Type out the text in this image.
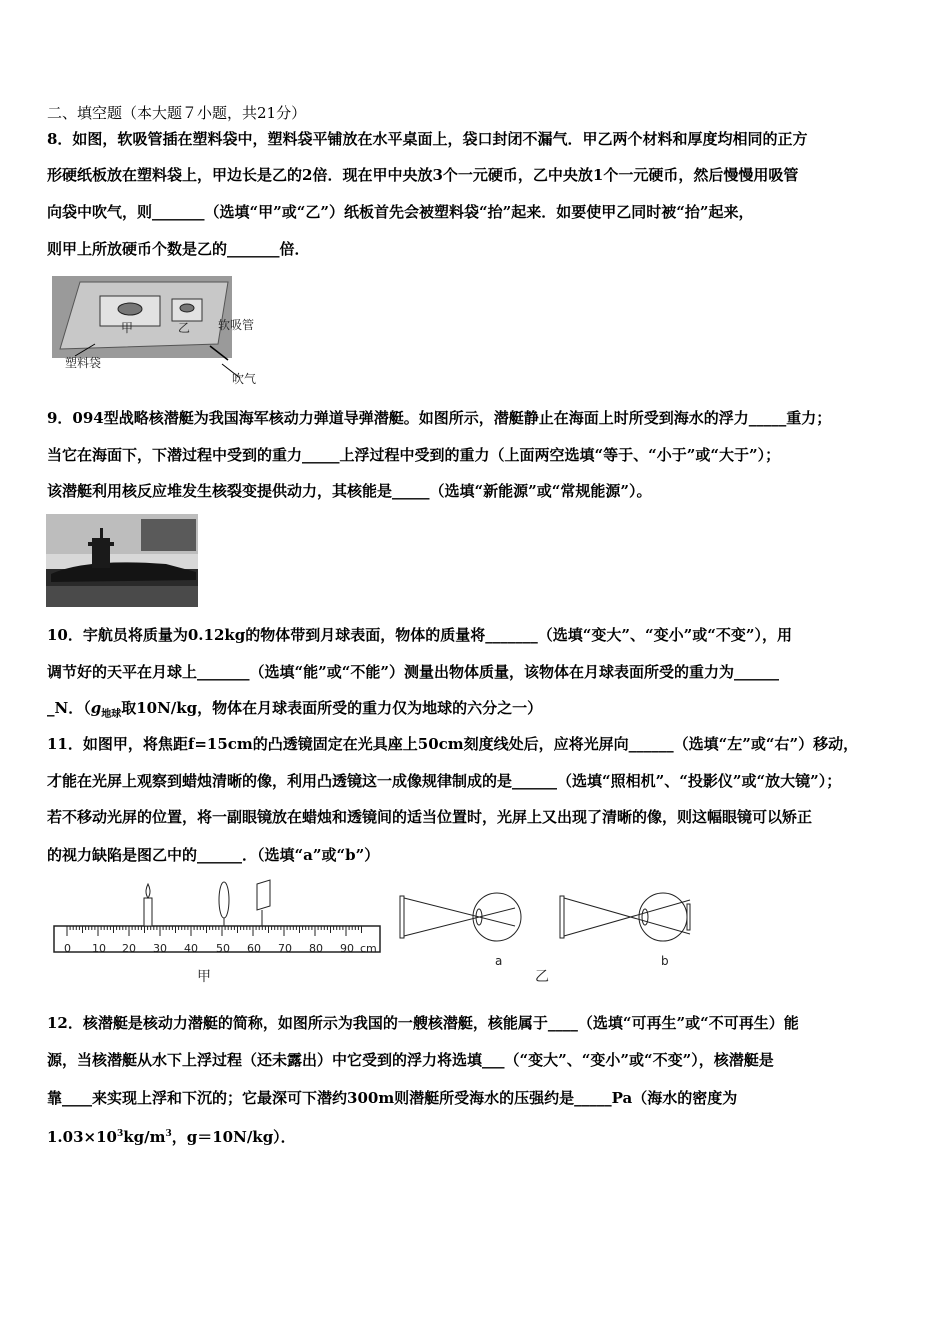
二、填空题（本大题７小题，共21分）
8．如图，软吸管插在塑料袋中，塑料袋平铺放在水平桌面上，袋口封闭不漏气．甲乙两个材料和厚度均相同的正方
形硬纸板放在塑料袋上，甲边长是乙的2倍．现在甲中央放3个一元硬币，乙中央放1个一元硬币，然后慢慢用吸管
向袋中吹气，则_______（选填“甲”或“乙”）纸板首先会被塑料袋“抬”起来．如要使甲乙同时被“抬”起来，
则甲上所放硬币个数是乙的_______倍．
甲	乙 软吸管
塑料袋
吹气
9．094型战略核潜艇为我国海军核动力弹道导弹潜艇。如图所示，潜艇静止在海面上时所受到海水的浮力_____重力；
当它在海面下，下潜过程中受到的重力_____上浮过程中受到的重力（上面两空选填“等于、“小于”或“大于”）；
该潜艇利用核反应堆发生核裂变提供动力，其核能是_____（选填“新能源”或“常规能源”）。
10．宇航员将质量为0.12kg的物体带到月球表面，物体的质量将_______（选填“变大”、“变小”或“不变”），用
调节好的天平在月球上_______（选填“能”或“不能”）测量出物体质量，该物体在月球表面所受的重力为______
_N．（$g_{地球}$取10N/kg，物体在月球表面所受的重力仅为地球的六分之一）
11．如图甲，将焦距f=15cm的凸透镜固定在光具座上50cm刻度线处后，应将光屏向______（选填“左”或“右”）移动，
才能在光屏上观察到蜡烛清晰的像，利用凸透镜这一成像规律制成的是______（选填“照相机”、“投影仪”或“放大镜”）；
若不移动光屏的位置，将一副眼镜放在蜡烛和透镜间的适当位置时，光屏上又出现了清晰的像，则这幅眼镜可以矫正
的视力缺陷是图乙中的______．（选填“a”或“b”）
0 10 20 30 40 50 60 70 80 90 cm
甲
a	b
乙
12．核潜艇是核动力潜艇的简称，如图所示为我国的一艘核潜艇，核能属于____（选填“可再生”或“不可再生）能
源，当核潜艇从水下上浮过程（还未露出）中它受到的浮力将选填___（“变大”、“变小”或“不变”），核潜艇是
靠____来实现上浮和下沉的；它最深可下潜约300m则潜艇所受海水的压强约是_____Pa（海水的密度为
$1.03\times 10^3kg/m^3$，g＝10N/kg）．
